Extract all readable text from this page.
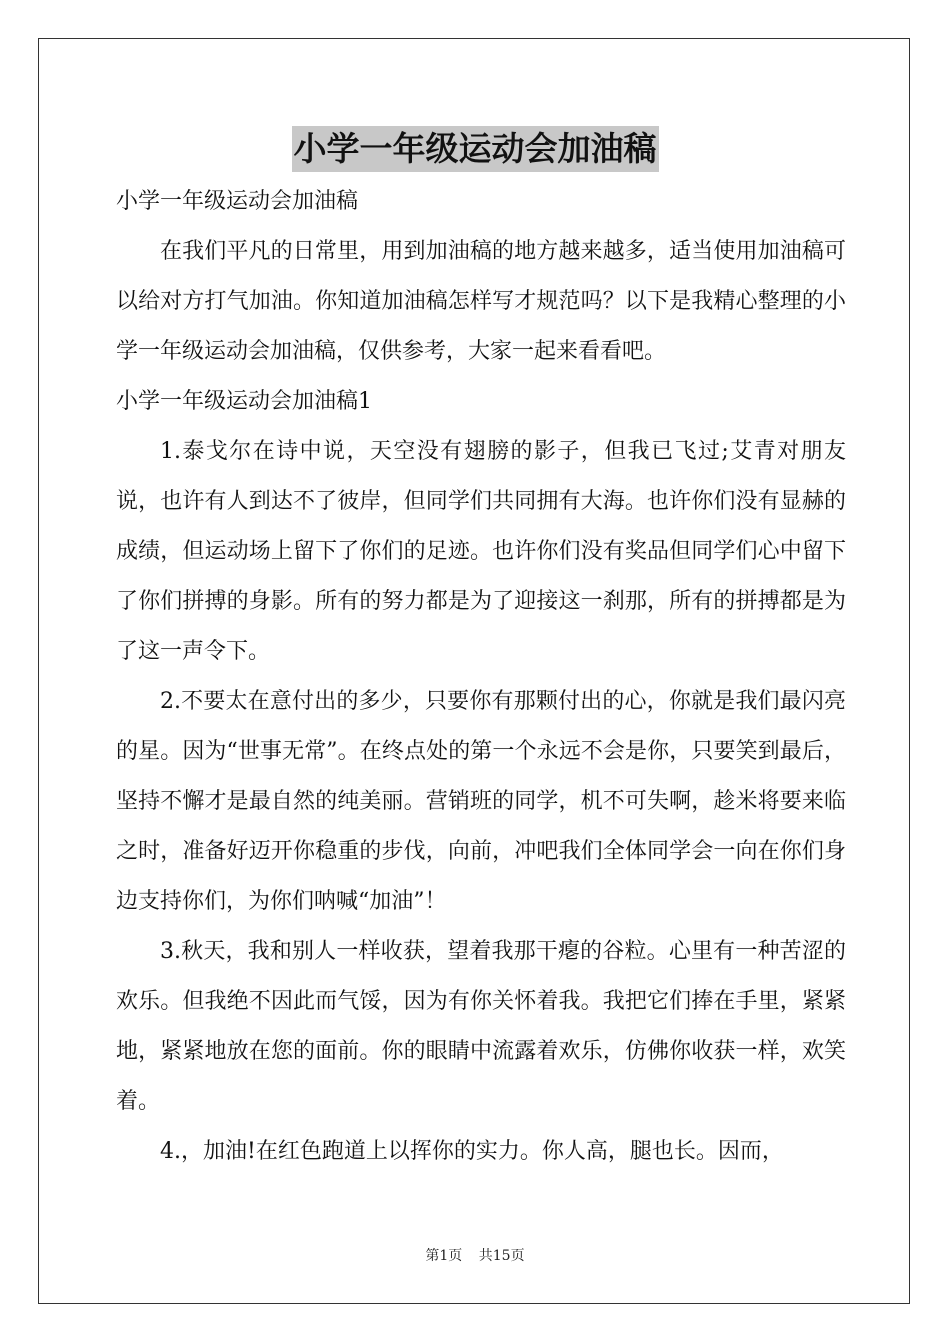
小学一年级运动会加油稿

小学一年级运动会加油稿

在我们平凡的日常里，用到加油稿的地方越来越多，适当使用加油稿可以给对方打气加油。你知道加油稿怎样写才规范吗？以下是我精心整理的小学一年级运动会加油稿，仅供参考，大家一起来看看吧。

小学一年级运动会加油稿1

1.泰戈尔在诗中说，天空没有翅膀的影子，但我已飞过;艾青对朋友说，也许有人到达不了彼岸，但同学们共同拥有大海。也许你们没有显赫的成绩，但运动场上留下了你们的足迹。也许你们没有奖品但同学们心中留下了你们拼搏的身影。所有的努力都是为了迎接这一刹那，所有的拼搏都是为了这一声令下。

2.不要太在意付出的多少，只要你有那颗付出的心，你就是我们最闪亮的星。因为“世事无常”。在终点处的第一个永远不会是你，只要笑到最后，坚持不懈才是最自然的纯美丽。营销班的同学，机不可失啊，趁米将要来临之时，准备好迈开你稳重的步伐，向前，冲吧我们全体同学会一向在你们身边支持你们，为你们呐喊“加油”！

3.秋天，我和别人一样收获，望着我那干瘪的谷粒。心里有一种苦涩的欢乐。但我绝不因此而气馁，因为有你关怀着我。我把它们捧在手里，紧紧地，紧紧地放在您的面前。你的眼睛中流露着欢乐，仿佛你收获一样，欢笑着。

4.，加油!在红色跑道上以挥你的实力。你人高，腿也长。因而，

第1页 共15页
